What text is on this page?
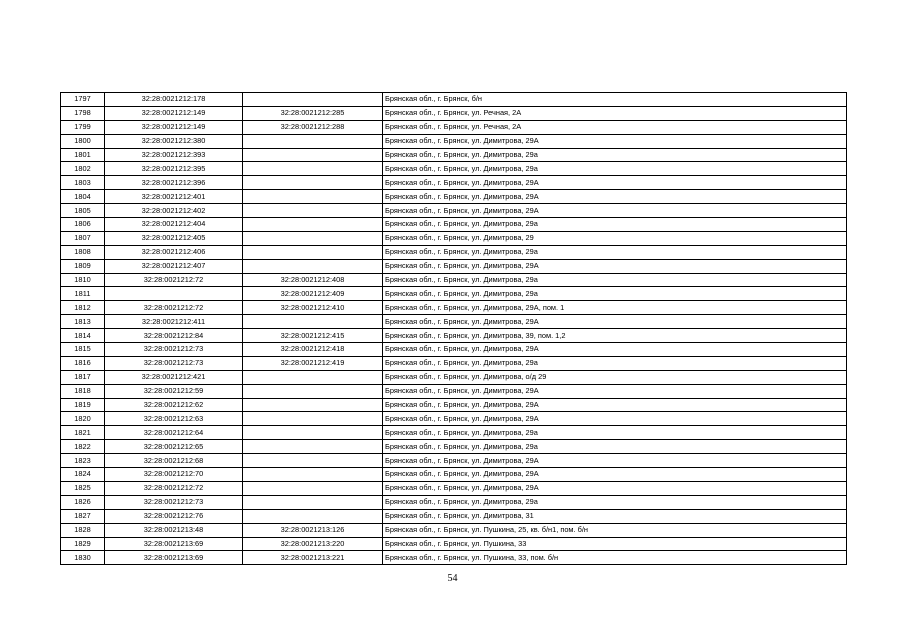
1797	32:28:0021212:178		Брянская обл., г. Брянск, б/н
1798	32:28:0021212:149	32:28:0021212:285	Брянская обл., г. Брянск, ул. Речная, 2А
1799	32:28:0021212:149	32:28:0021212:288	Брянская обл., г. Брянск, ул. Речная, 2А
1800	32:28:0021212:380		Брянская обл., г. Брянск, ул. Димитрова, 29А
1801	32:28:0021212:393		Брянская обл., г. Брянск, ул. Димитрова, 29а
1802	32:28:0021212:395		Брянская обл., г. Брянск, ул. Димитрова, 29а
1803	32:28:0021212:396		Брянская обл., г. Брянск, ул. Димитрова, 29А
1804	32:28:0021212:401		Брянская обл., г. Брянск, ул. Димитрова, 29А
1805	32:28:0021212:402		Брянская обл., г. Брянск, ул. Димитрова, 29А
1806	32:28:0021212:404		Брянская обл., г. Брянск, ул. Димитрова, 29а
1807	32:28:0021212:405		Брянская обл., г. Брянск, ул. Димитрова, 29
1808	32:28:0021212:406		Брянская обл., г. Брянск, ул. Димитрова, 29а
1809	32:28:0021212:407		Брянская обл., г. Брянск, ул. Димитрова, 29А
1810	32:28:0021212:72	32:28:0021212:408	Брянская обл., г. Брянск, ул. Димитрова, 29а
1811		32:28:0021212:409	Брянская обл., г. Брянск, ул. Димитрова, 29а
1812	32:28:0021212:72	32:28:0021212:410	Брянская обл., г. Брянск, ул. Димитрова, 29А, пом. 1
1813	32:28:0021212:411		Брянская обл., г. Брянск, ул. Димитрова, 29А
1814	32:28:0021212:84	32:28:0021212:415	Брянская обл., г. Брянск, ул. Димитрова, 39, пом. 1,2
1815	32:28:0021212:73	32:28:0021212:418	Брянская обл., г. Брянск, ул. Димитрова, 29А
1816	32:28:0021212:73	32:28:0021212:419	Брянская обл., г. Брянск, ул. Димитрова, 29а
1817	32:28:0021212:421		Брянская обл., г. Брянск, ул. Димитрова, о/д 29
1818	32:28:0021212:59		Брянская обл., г. Брянск, ул. Димитрова, 29А
1819	32:28:0021212:62		Брянская обл., г. Брянск, ул. Димитрова, 29А
1820	32:28:0021212:63		Брянская обл., г. Брянск, ул. Димитрова, 29А
1821	32:28:0021212:64		Брянская обл., г. Брянск, ул. Димитрова, 29а
1822	32:28:0021212:65		Брянская обл., г. Брянск, ул. Димитрова, 29а
1823	32:28:0021212:68		Брянская обл., г. Брянск, ул. Димитрова, 29А
1824	32:28:0021212:70		Брянская обл., г. Брянск, ул. Димитрова, 29А
1825	32:28:0021212:72		Брянская обл., г. Брянск, ул. Димитрова, 29А
1826	32:28:0021212:73		Брянская обл., г. Брянск, ул. Димитрова, 29а
1827	32:28:0021212:76		Брянская обл., г. Брянск, ул. Димитрова, 31
1828	32:28:0021213:48	32:28:0021213:126	Брянская обл., г. Брянск, ул. Пушкина, 25, кв. б/н1, пом. б/н
1829	32:28:0021213:69	32:28:0021213:220	Брянская обл., г. Брянск, ул. Пушкина, 33
1830	32:28:0021213:69	32:28:0021213:221	Брянская обл., г. Брянск, ул. Пушкина, 33, пом. б/н
54
